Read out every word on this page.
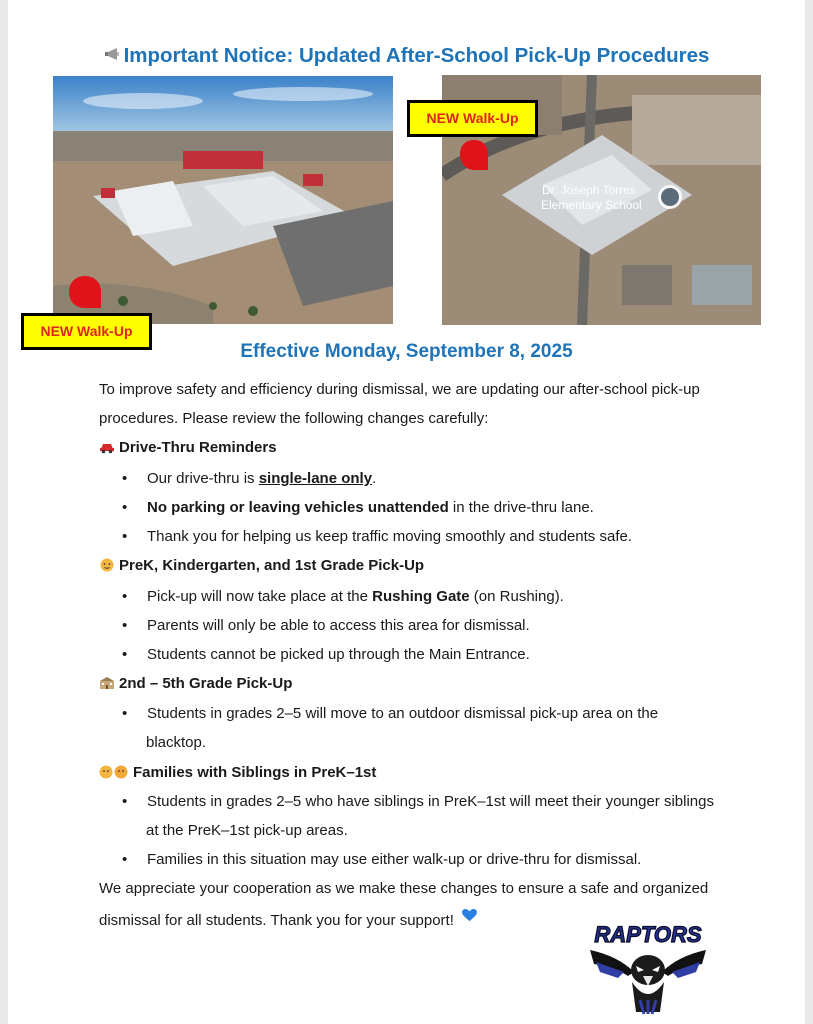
Important Notice: Updated After-School Pick-Up Procedures
Dr. Joseph Torres
Elementary School
NEW Walk-Up
NEW Walk-Up
Effective Monday, September 8, 2025
To improve safety and efficiency during dismissal, we are updating our after-school pick-up
procedures. Please review the following changes carefully:
Drive-Thru Reminders
Our drive-thru is single-lane only.
No parking or leaving vehicles unattended in the drive-thru lane.
Thank you for helping us keep traffic moving smoothly and students safe.
PreK, Kindergarten, and 1st Grade Pick-Up
Pick-up will now take place at the Rushing Gate (on Rushing).
Parents will only be able to access this area for dismissal.
Students cannot be picked up through the Main Entrance.
2nd – 5th Grade Pick-Up
Students in grades 2–5 will move to an outdoor dismissal pick-up area on the
blacktop.
Families with Siblings in PreK–1st
Students in grades 2–5 who have siblings in PreK–1st will meet their younger siblings
at the PreK–1st pick-up areas.
Families in this situation may use either walk-up or drive-thru for dismissal.
We appreciate your cooperation as we make these changes to ensure a safe and organized
dismissal for all students. Thank you for your support!
RAPTORS
